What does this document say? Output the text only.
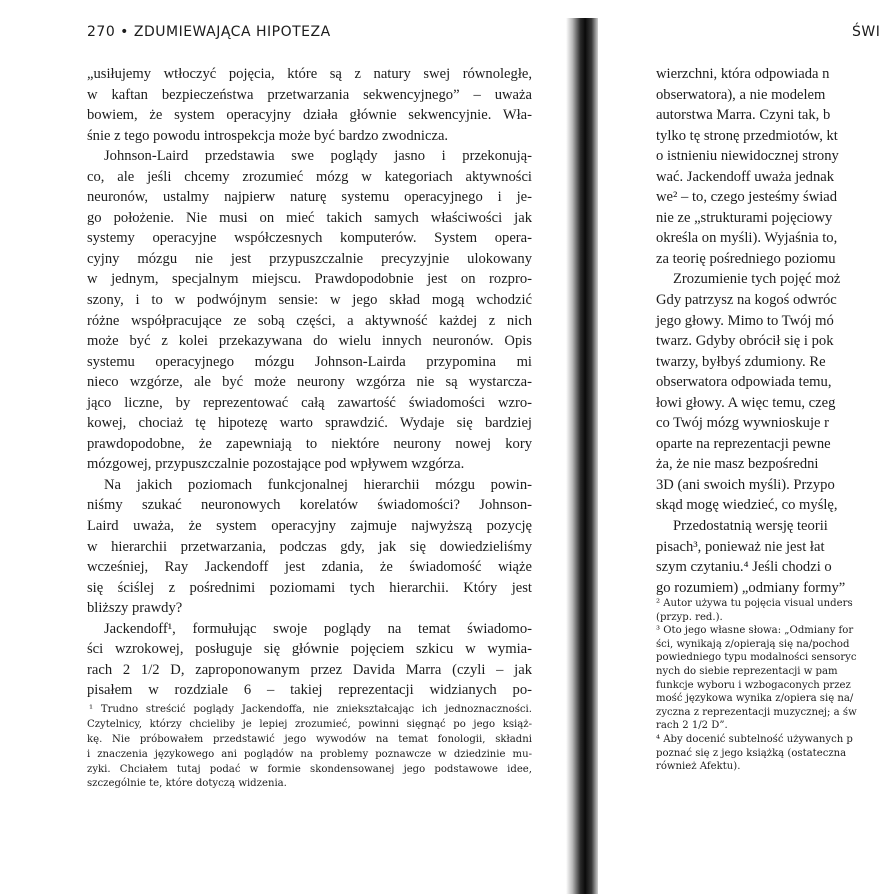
270 • ZDUMIEWAJĄCA HIPOTEZA
„usiłujemy wtłoczyć pojęcia, które są z natury swej równoległe,
w kaftan bezpieczeństwa przetwarzania sekwencyjnego” – uważa
bowiem, że system operacyjny działa głównie sekwencyjnie. Wła-
śnie z tego powodu introspekcja może być bardzo zwodnicza.
Johnson-Laird przedstawia swe poglądy jasno i przekonują-
co, ale jeśli chcemy zrozumieć mózg w kategoriach aktywności
neuronów, ustalmy najpierw naturę systemu operacyjnego i je-
go położenie. Nie musi on mieć takich samych właściwości jak
systemy operacyjne współczesnych komputerów. System opera-
cyjny mózgu nie jest przypuszczalnie precyzyjnie ulokowany
w jednym, specjalnym miejscu. Prawdopodobnie jest on rozpro-
szony, i to w podwójnym sensie: w jego skład mogą wchodzić
różne współpracujące ze sobą części, a aktywność każdej z nich
może być z kolei przekazywana do wielu innych neuronów. Opis
systemu operacyjnego mózgu Johnson-Lairda przypomina mi
nieco wzgórze, ale być może neurony wzgórza nie są wystarcza-
jąco liczne, by reprezentować całą zawartość świadomości wzro-
kowej, chociaż tę hipotezę warto sprawdzić. Wydaje się bardziej
prawdopodobne, że zapewniają to niektóre neurony nowej kory
mózgowej, przypuszczalnie pozostające pod wpływem wzgórza.
Na jakich poziomach funkcjonalnej hierarchii mózgu powin-
niśmy szukać neuronowych korelatów świadomości? Johnson-
Laird uważa, że system operacyjny zajmuje najwyższą pozycję
w hierarchii przetwarzania, podczas gdy, jak się dowiedzieliśmy
wcześniej, Ray Jackendoff jest zdania, że świadomość wiąże
się ściślej z pośrednimi poziomami tych hierarchii. Który jest
bliższy prawdy?
Jackendoff¹, formułując swoje poglądy na temat świadomo-
ści wzrokowej, posługuje się głównie pojęciem szkicu w wymia-
rach 2 1/2 D, zaproponowanym przez Davida Marra (czyli – jak
pisałem w rozdziale 6 – takiej reprezentacji widzianych po-
¹ Trudno streścić poglądy Jackendoffa, nie zniekształcając ich jednoznaczności.
Czytelnicy, którzy chcieliby je lepiej zrozumieć, powinni sięgnąć po jego książ-
kę. Nie próbowałem przedstawić jego wywodów na temat fonologii, składni
i znaczenia językowego ani poglądów na problemy poznawcze w dziedzinie mu-
zyki. Chciałem tutaj podać w formie skondensowanej jego podstawowe idee,
szczególnie te, które dotyczą widzenia.
ŚWI
wierzchni, która odpowiada n
obserwatora), a nie modelem
autorstwa Marra. Czyni tak, b
tylko tę stronę przedmiotów, kt
o istnieniu niewidocznej strony
wać. Jackendoff uważa jednak
we² – to, czego jesteśmy świad
nie ze „strukturami pojęciowy
określa on myśli). Wyjaśnia to,
za teorię pośredniego poziomu
Zrozumienie tych pojęć moż
Gdy patrzysz na kogoś odwróc
jego głowy. Mimo to Twój mó
twarz. Gdyby obrócił się i pok
twarzy, byłbyś zdumiony. Re
obserwatora odpowiada temu,
łowi głowy. A więc temu, czeg
co Twój mózg wywnioskuje r
oparte na reprezentacji pewne
ża, że nie masz bezpośredni
3D (ani swoich myśli). Przypo
skąd mogę wiedzieć, co myślę,
Przedostatnią wersję teorii
pisach³, ponieważ nie jest łat
szym czytaniu.⁴ Jeśli chodzi o
go rozumiem) „odmiany formy”
² Autor używa tu pojęcia visual unders
(przyp. red.).
³ Oto jego własne słowa: „Odmiany for
ści, wynikają z/opierają się na/pochod
powiedniego typu modalności sensoryc
nych do siebie reprezentacji w pam
funkcje wyboru i wzbogaconych przez
mość językowa wynika z/opiera się na/
zyczna z reprezentacji muzycznej; a św
rach 2 1/2 D”.
⁴ Aby docenić subtelność używanych p
poznać się z jego książką (ostateczna
również Afektu).
